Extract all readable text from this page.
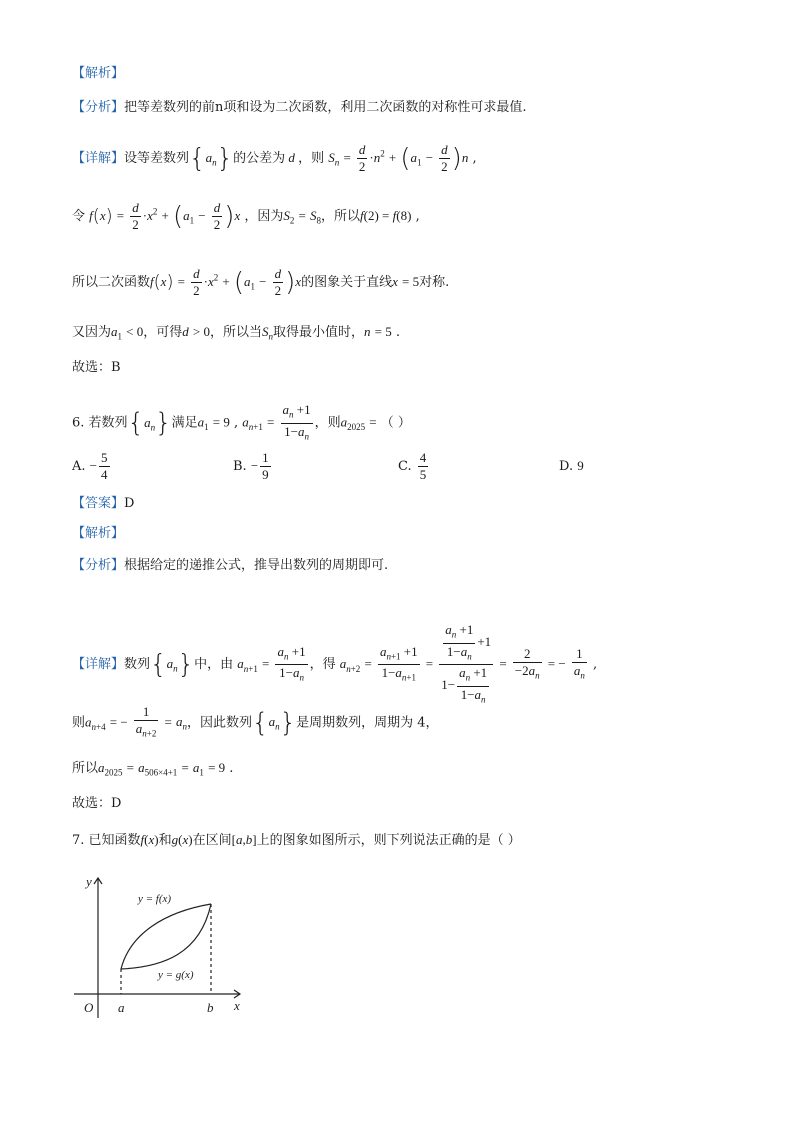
【解析】
【分析】把等差数列的前n项和设为二次函数，利用二次函数的对称性可求最值.
【详解】设等差数列$\{a_n\}$的公差为 d ，则 $S_n = \frac{d}{2} \cdot n^2 + (a_1 - \frac{d}{2} )n$ ,
令 $f(x) = \frac{d}{2} \cdot x^2 + (a_1 - \frac{d}{2} )x$ ，因为$S_2 = S_8$，所以f(2) = f(8) ,
所以二次函数$f(x) = \frac{d}{2} \cdot x^2 + (a_1 - \frac{d}{2} )x$的图象关于直线x = 5对称.
又因为$a_1 < 0$，可得d > 0，所以当$S_n$取得最小值时，n = 5 .
故选：B
6. 若数列$\{a_n\}$满足$a_1 = 9$ , $a_{n+1} = \frac{a_n +1}{1-a_n}$ ，则$a_{2025}$ = （ ）
A. − $\frac{5}{4}$	B. − $\frac{1}{9}$	C. $\frac{4}{5}$	D. 9
【答案】D
【解析】
【分析】根据给定的递推公式，推导出数列的周期即可.
【详解】数列$\{a_n\}$中，由 $a_{n+1} = \frac{a_n +1}{1-a_n}$ ，得 $a_{n+2} = \frac{a_{n+1} +1}{1-a_{n+1}} = \frac{\frac{a_n +1}{1-a_n} +1}{1- \frac{a_n +1}{1-a_n}} = \frac{2}{-2a_n}$ = − $\frac{1}{a_n}$ ,
则$a_{n+4}$ = − $\frac{1}{a_{n+2}} = a_n$，因此数列$\{a_n\}$是周期数列，周期为 4，
所以$a_{2025} = a_{506\times 4+1} = a_1 = 9$ .
故选：D
7. 已知函数f(x)和g(x)在区间[a,b]上的图象如图所示，则下列说法正确的是（ ）
y
x
O a	b
y = f(x)
y = g(x)
